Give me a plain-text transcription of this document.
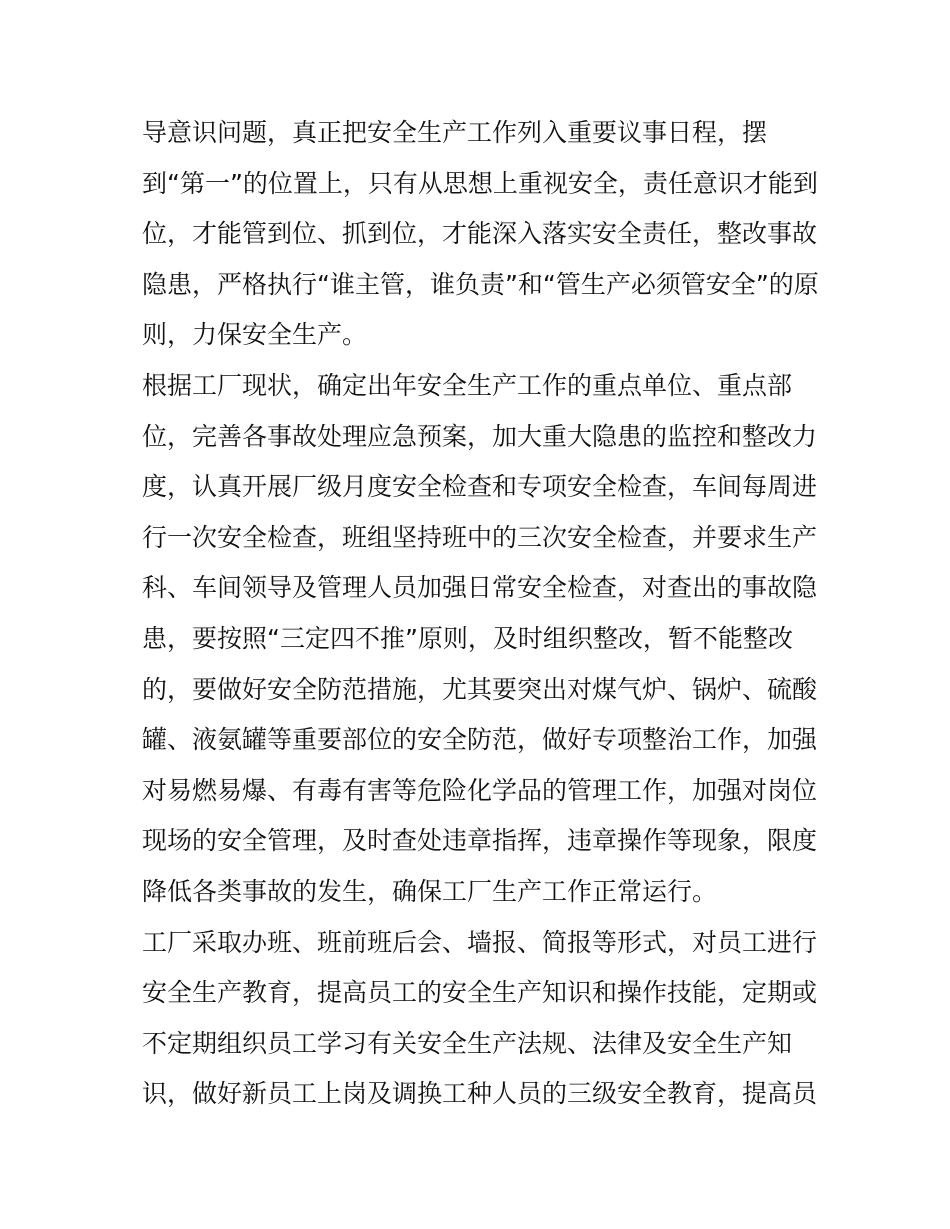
导意识问题，真正把安全生产工作列入重要议事日程，摆
到“第一”的位置上，只有从思想上重视安全，责任意识才能到
位，才能管到位、抓到位，才能深入落实安全责任，整改事故
隐患，严格执行“谁主管，谁负责”和“管生产必须管安全”的原
则，力保安全生产。
根据工厂现状，确定出年安全生产工作的重点单位、重点部
位，完善各事故处理应急预案，加大重大隐患的监控和整改力
度，认真开展厂级月度安全检查和专项安全检查，车间每周进
行一次安全检查，班组坚持班中的三次安全检查，并要求生产
科、车间领导及管理人员加强日常安全检查，对查出的事故隐
患，要按照“三定四不推”原则，及时组织整改，暂不能整改
的，要做好安全防范措施，尤其要突出对煤气炉、锅炉、硫酸
罐、液氨罐等重要部位的安全防范，做好专项整治工作，加强
对易燃易爆、有毒有害等危险化学品的管理工作，加强对岗位
现场的安全管理，及时查处违章指挥，违章操作等现象，限度
降低各类事故的发生，确保工厂生产工作正常运行。
工厂采取办班、班前班后会、墙报、简报等形式，对员工进行
安全生产教育，提高员工的安全生产知识和操作技能，定期或
不定期组织员工学习有关安全生产法规、法律及安全生产知
识，做好新员工上岗及调换工种人员的三级安全教育，提高员
